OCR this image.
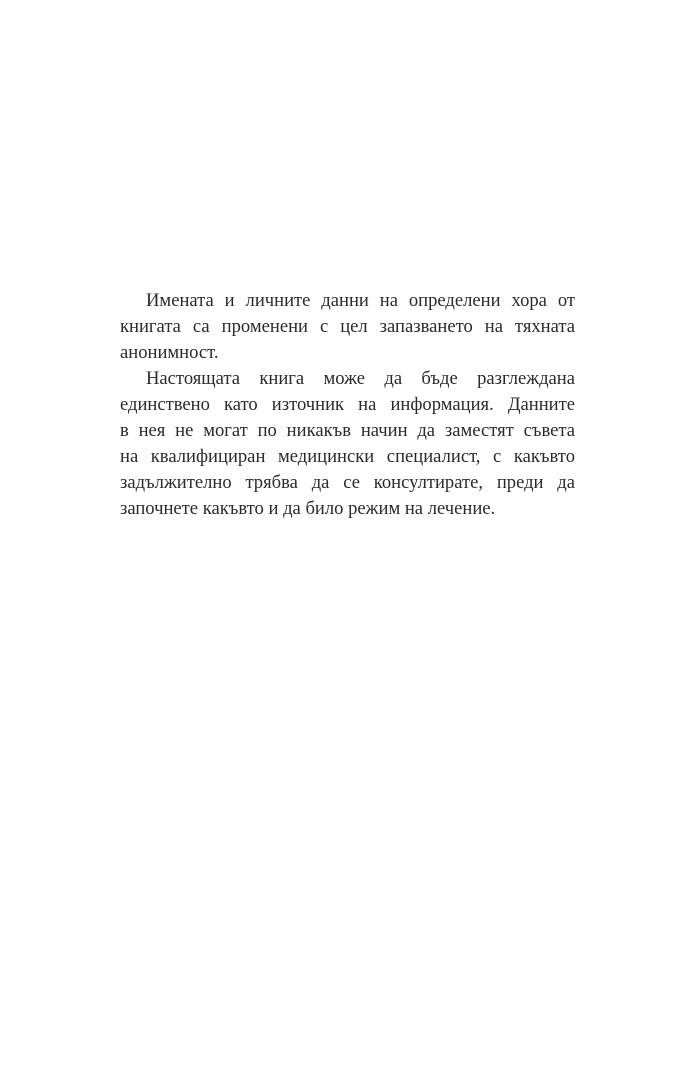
Имената и личните данни на определени хора от
книгата са променени с цел запазването на тяхната
анонимност.

Настоящата книга може да бъде разглеждана
единствено като източник на информация. Данните
в нея не могат по никакъв начин да заместят съвета
на квалифициран медицински специалист, с какъвто
задължително трябва да се консултирате, преди да
започнете какъвто и да било режим на лечение.
